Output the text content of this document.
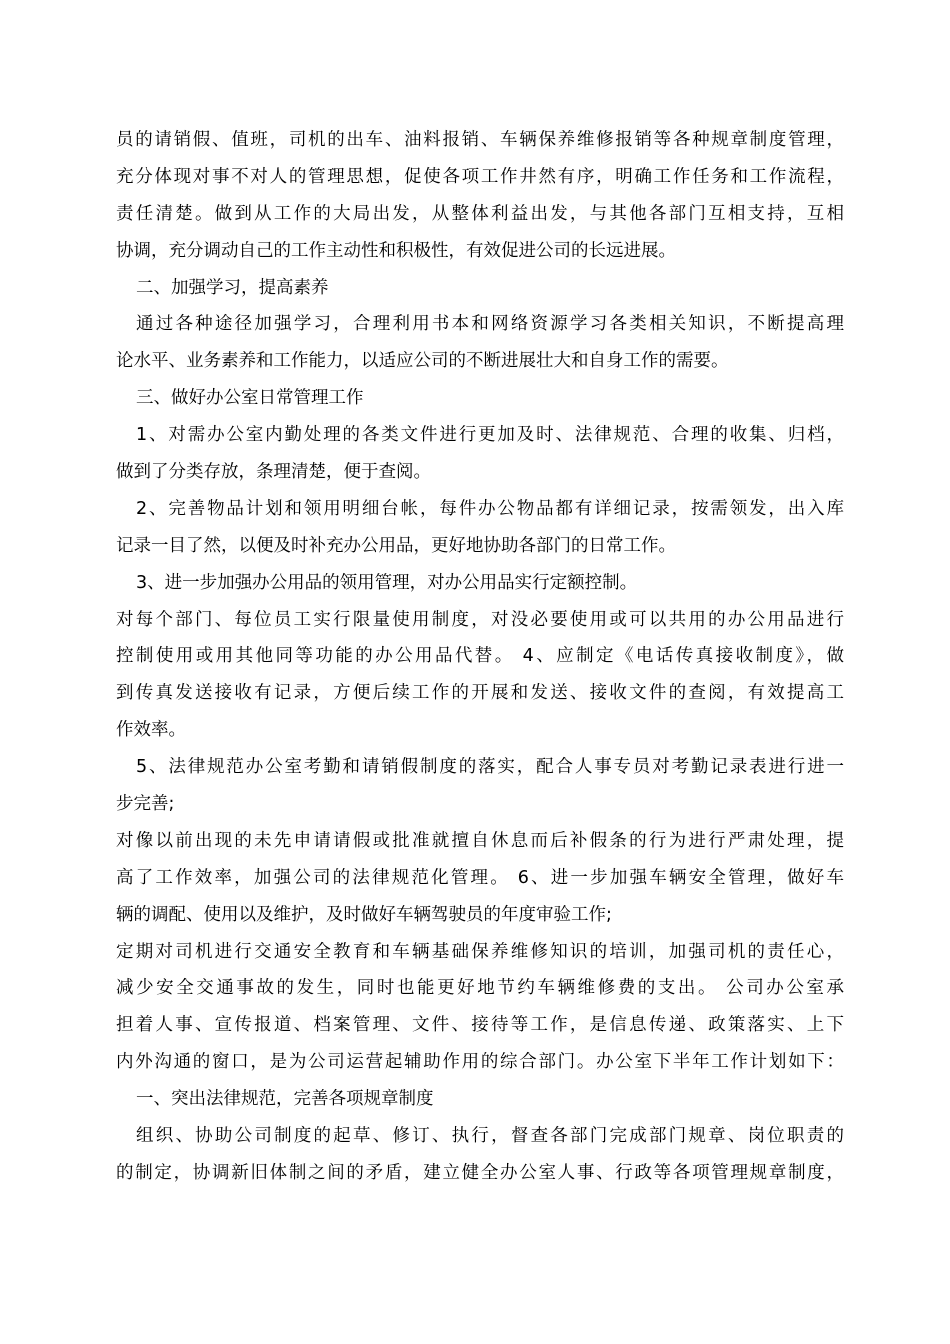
员的请销假、值班，司机的出车、油料报销、车辆保养维修报销等各种规章制度管理，
充分体现对事不对人的管理思想，促使各项工作井然有序，明确工作任务和工作流程，
责任清楚。做到从工作的大局出发，从整体利益出发，与其他各部门互相支持，互相
协调，充分调动自己的工作主动性和积极性，有效促进公司的长远进展。
二、加强学习，提高素养
通过各种途径加强学习，合理利用书本和网络资源学习各类相关知识，不断提高理
论水平、业务素养和工作能力，以适应公司的不断进展壮大和自身工作的需要。
三、做好办公室日常管理工作
1、对需办公室内勤处理的各类文件进行更加及时、法律规范、合理的收集、归档，
做到了分类存放，条理清楚，便于查阅。
2、完善物品计划和领用明细台帐，每件办公物品都有详细记录，按需领发，出入库
记录一目了然，以便及时补充办公用品，更好地协助各部门的日常工作。
3、进一步加强办公用品的领用管理，对办公用品实行定额控制。
对每个部门、每位员工实行限量使用制度，对没必要使用或可以共用的办公用品进行
控制使用或用其他同等功能的办公用品代替。 4、应制定《电话传真接收制度》，做
到传真发送接收有记录，方便后续工作的开展和发送、接收文件的查阅，有效提高工
作效率。
5、法律规范办公室考勤和请销假制度的落实，配合人事专员对考勤记录表进行进一
步完善;
对像以前出现的未先申请请假或批准就擅自休息而后补假条的行为进行严肃处理，提
高了工作效率，加强公司的法律规范化管理。 6、进一步加强车辆安全管理，做好车
辆的调配、使用以及维护，及时做好车辆驾驶员的年度审验工作;
定期对司机进行交通安全教育和车辆基础保养维修知识的培训，加强司机的责任心，
减少安全交通事故的发生，同时也能更好地节约车辆维修费的支出。 公司办公室承
担着人事、宣传报道、档案管理、文件、接待等工作，是信息传递、政策落实、上下
内外沟通的窗口，是为公司运营起辅助作用的综合部门。办公室下半年工作计划如下：
一、突出法律规范，完善各项规章制度
组织、协助公司制度的起草、修订、执行，督查各部门完成部门规章、岗位职责的
的制定，协调新旧体制之间的矛盾，建立健全办公室人事、行政等各项管理规章制度，
